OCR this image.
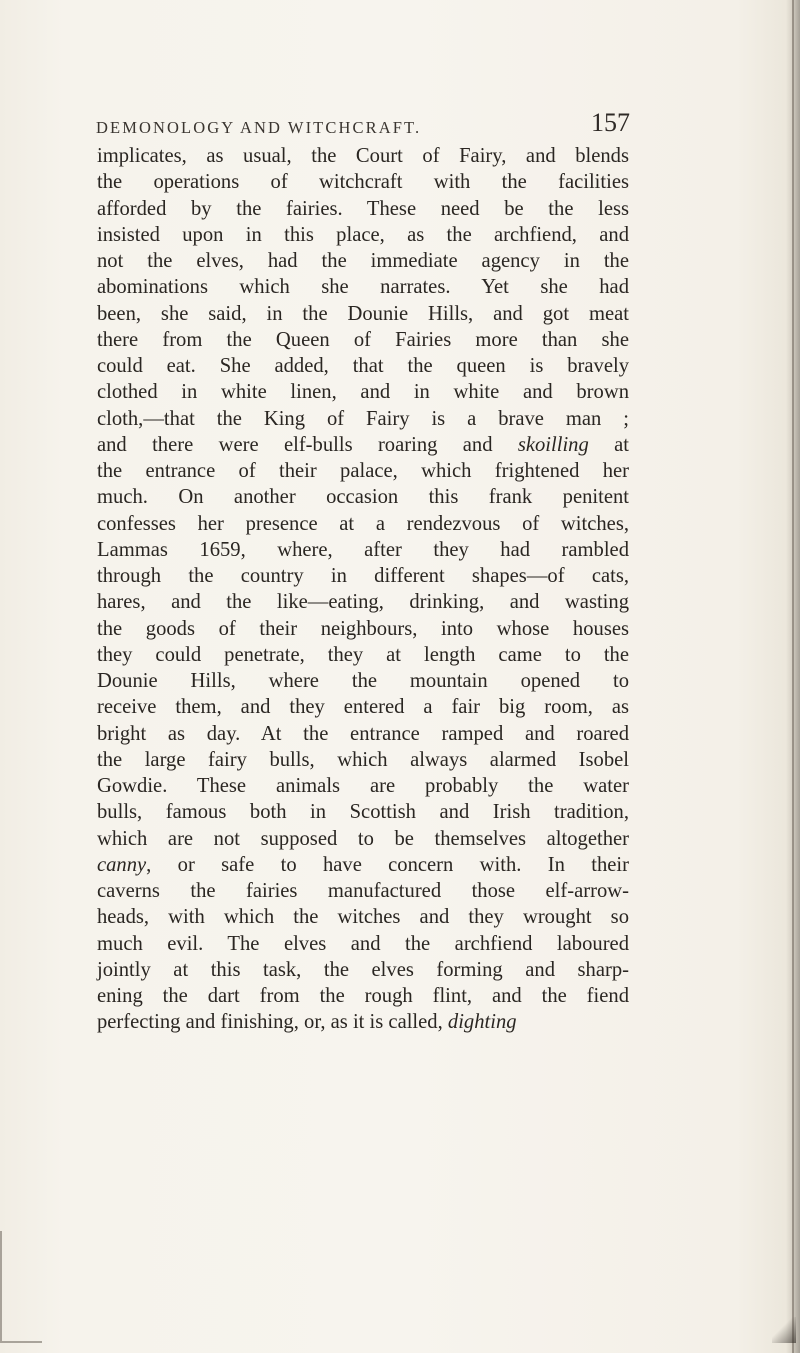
DEMONOLOGY AND WITCHCRAFT.	157
implicates, as usual, the Court of Fairy, and blends
the operations of witchcraft with the facilities
afforded by the fairies. These need be the less
insisted upon in this place, as the archfiend, and
not the elves, had the immediate agency in the
abominations which she narrates. Yet she had
been, she said, in the Dounie Hills, and got meat
there from the Queen of Fairies more than she
could eat. She added, that the queen is bravely
clothed in white linen, and in white and brown
cloth,—that the King of Fairy is a brave man ;
and there were elf-bulls roaring and skoilling at
the entrance of their palace, which frightened her
much. On another occasion this frank penitent
confesses her presence at a rendezvous of witches,
Lammas 1659, where, after they had rambled
through the country in different shapes—of cats,
hares, and the like—eating, drinking, and wasting
the goods of their neighbours, into whose houses
they could penetrate, they at length came to the
Dounie Hills, where the mountain opened to
receive them, and they entered a fair big room, as
bright as day. At the entrance ramped and roared
the large fairy bulls, which always alarmed Isobel
Gowdie. These animals are probably the water
bulls, famous both in Scottish and Irish tradition,
which are not supposed to be themselves altogether
canny, or safe to have concern with. In their
caverns the fairies manufactured those elf-arrow-
heads, with which the witches and they wrought so
much evil. The elves and the archfiend laboured
jointly at this task, the elves forming and sharp-
ening the dart from the rough flint, and the fiend
perfecting and finishing, or, as it is called, dighting
